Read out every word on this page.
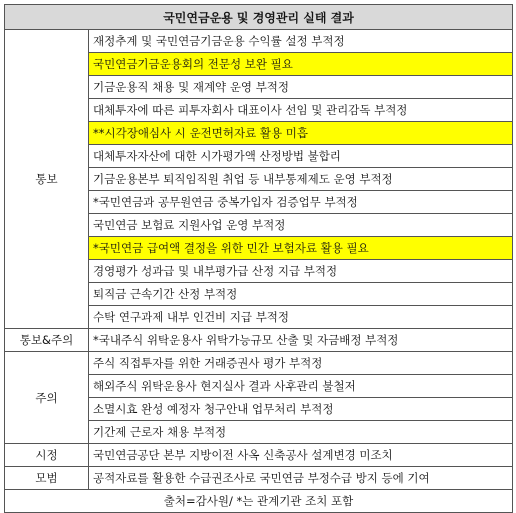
국민연금운용 및 경영관리 실태 결과	
통보	재정추계 및 국민연금기금운용 수익률 설정 부적정
	국민연금기금운용회의 전문성 보완 필요
	기금운용직 채용 및 재계약 운영 부적정
	대체투자에 따른 피투자회사 대표이사 선임 및 관리감독 부적정
	**시각장애심사 시 운전면허자료 활용 미흡
	대체투자자산에 대한 시가평가액 산정방법 불합리
	기금운용본부 퇴직임직원 취업 등 내부통제제도 운영 부적정
	*국민연금과 공무원연금 중복가입자 검증업무 부적정
	국민연금 보험료 지원사업 운영 부적정
	*국민연금 급여액 결정을 위한 민간 보험자료 활용 필요
	경영평가 성과급 및 내부평가급 산정 지급 부적정
	퇴직금 근속기간 산정 부적정
	수탁 연구과제 내부 인건비 지급 부적정
통보&주의	*국내주식 위탁운용사 위탁가능규모 산출 및 자금배정 부적정
주의	주식 직접투자를 위한 거래증권사 평가 부적정
	해외주식 위탁운용사 현지실사 결과 사후관리 불철저
	소멸시효 완성 예정자 청구안내 업무처리 부적정
	기간제 근로자 채용 부적정
시정	국민연금공단 본부 지방이전 사옥 신축공사 설계변경 미조치
모범	공적자료를 활용한 수급권조사로 국민연금 부정수급 방지 등에 기여
출처=감사원/ *는 관계기관 조치 포함	
